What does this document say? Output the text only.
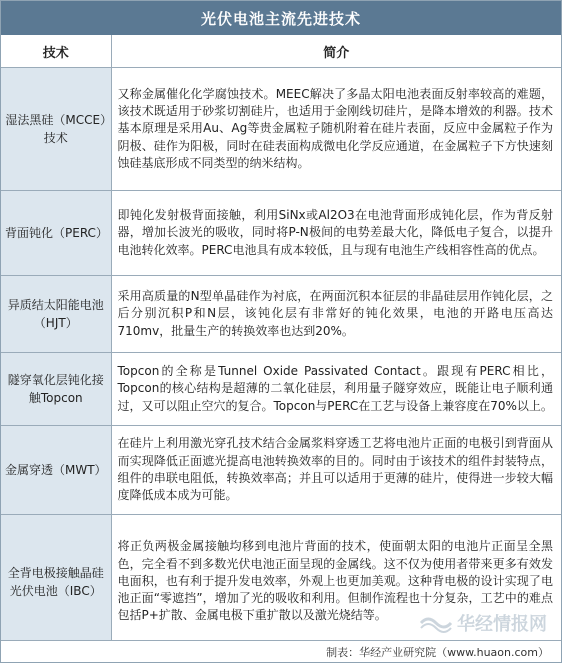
光伏电池主流先进技术
技术	简介
湿法黑硅（MCCE）技术	又称金属催化化学腐蚀技术。MEEC解决了多晶太阳电池表面反射率较高的难题，该技术既适用于砂浆切割硅片，也适用于金刚线切硅片，是降本增效的利器。技术基本原理是采用Au、Ag等贵金属粒子随机附着在硅片表面，反应中金属粒子作为阴极、硅作为阳极，同时在硅表面构成微电化学反应通道，在金属粒子下方快速刻蚀硅基底形成不同类型的纳米结构。
背面钝化（PERC）	即钝化发射极背面接触，利用SiNx或Al2O3在电池背面形成钝化层，作为背反射器，增加长波光的吸收，同时将P-N极间的电势差最大化，降低电子复合，以提升电池转化效率。PERC电池具有成本较低，且与现有电池生产线相容性高的优点。
异质结太阳能电池（HJT）	采用高质量的N型单晶硅作为衬底，在两面沉积本征层的非晶硅层用作钝化层，之后分别沉积P和N层，该钝化层有非常好的钝化效果，电池的开路电压高达710mv，批量生产的转换效率也达到20%。
隧穿氧化层钝化接触Topcon	Topcon的全称是Tunnel Oxide Passivated Contact。跟现有PERC相比，Topcon的核心结构是超薄的二氧化硅层，利用量子隧穿效应，既能让电子顺利通过，又可以阻止空穴的复合。Topcon与PERC在工艺与设备上兼容度在70%以上。
金属穿透（MWT）	在硅片上利用激光穿孔技术结合金属浆料穿透工艺将电池片正面的电极引到背面从而实现降低正面遮光提高电池转换效率的目的。同时由于该技术的组件封装特点，组件的串联电阻低，转换效率高；并且可以适用于更薄的硅片，使得进一步较大幅度降低成本成为可能。
全背电极接触晶硅光伏电池（IBC）	将正负两极金属接触均移到电池片背面的技术，使面朝太阳的电池片正面呈全黑色，完全看不到多数光伏电池正面呈现的金属线。这不仅为使用者带来更多有效发电面积，也有利于提升发电效率，外观上也更加美观。这种背电极的设计实现了电池正面“零遮挡”，增加了光的吸收和利用。但制作流程也十分复杂，工艺中的难点包括P+扩散、金属电极下重扩散以及激光烧结等。	华经情报网
制表：华经产业研究院（www.huaon.com）
